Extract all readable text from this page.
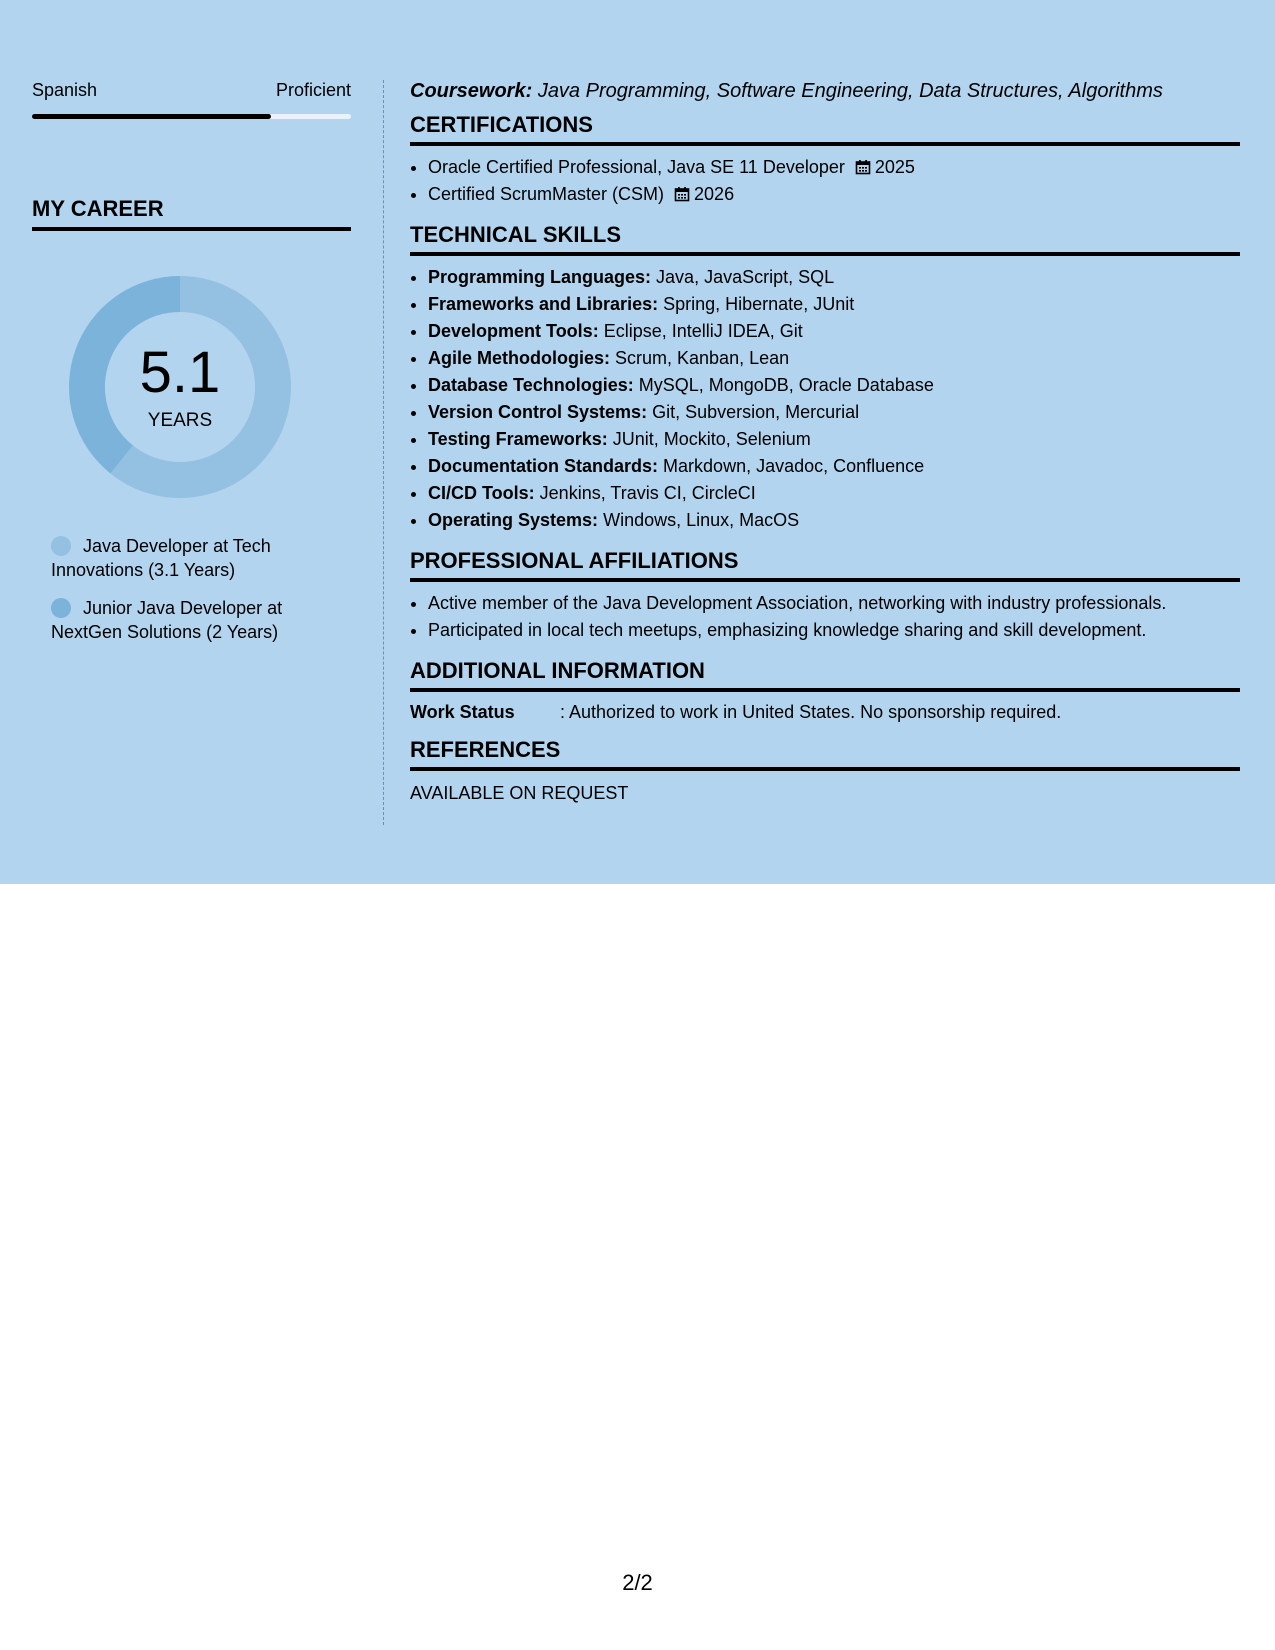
Spanish	Proficient
MY CAREER
5.1
YEARS
Java Developer at Tech Innovations (3.1 Years)
Junior Java Developer at NextGen Solutions (2 Years)
Coursework: Java Programming, Software Engineering, Data Structures, Algorithms
CERTIFICATIONS
• Oracle Certified Professional, Java SE 11 Developer 2025
• Certified ScrumMaster (CSM) 2026
TECHNICAL SKILLS
• Programming Languages: Java, JavaScript, SQL
• Frameworks and Libraries: Spring, Hibernate, JUnit
• Development Tools: Eclipse, IntelliJ IDEA, Git
• Agile Methodologies: Scrum, Kanban, Lean
• Database Technologies: MySQL, MongoDB, Oracle Database
• Version Control Systems: Git, Subversion, Mercurial
• Testing Frameworks: JUnit, Mockito, Selenium
• Documentation Standards: Markdown, Javadoc, Confluence
• CI/CD Tools: Jenkins, Travis CI, CircleCI
• Operating Systems: Windows, Linux, MacOS
PROFESSIONAL AFFILIATIONS
• Active member of the Java Development Association, networking with industry professionals.
• Participated in local tech meetups, emphasizing knowledge sharing and skill development.
ADDITIONAL INFORMATION
Work Status	: Authorized to work in United States. No sponsorship required.
REFERENCES
AVAILABLE ON REQUEST
2/2
